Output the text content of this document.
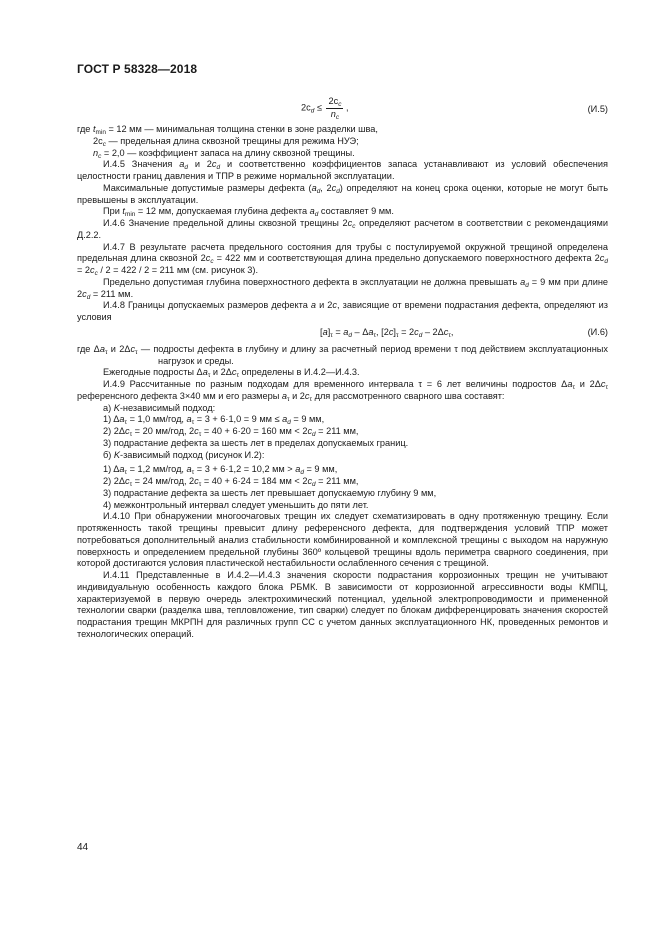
ГОСТ Р 58328—2018
$2c_d \le \frac{2c_c}{n_c}$ ,	(И.5)

где $t_{min} = 12$ мм — минимальная толщина стенки в зоне разделки шва,

$2c_c$ — предельная длина сквозной трещины для режима НУЭ;

$n_c = 2,0$ — коэффициент запаса на длину сквозной трещины.

И.4.5 Значения $a_d$ и $2c_d$ и соответственно коэффициентов запаса устанавливают из условий обеспечения целостности границ давления и ТПР в режиме нормальной эксплуатации.

Максимальные допустимые размеры дефекта ($a_d$, $2c_d$) определяют на конец срока оценки, которые не могут быть превышены в эксплуатации.

При $t_{min} = 12$ мм, допускаемая глубина дефекта $a_d$ составляет 9 мм.

И.4.6 Значение предельной длины сквозной трещины $2c_c$ определяют расчетом в соответствии с рекомендациями Д.2.2.

И.4.7 В результате расчета предельного состояния для трубы с постулируемой окружной трещиной определена предельная длина сквозной $2c_c = 422$ мм и соответствующая длина предельно допускаемого поверхностного дефекта $2c_d = 2c_c / 2 = 422 / 2 = 211$ мм (см. рисунок 3).

Предельно допустимая глубина поверхностного дефекта в эксплуатации не должна превышать $a_d = 9$ мм при длине $2c_d = 211$ мм.

И.4.8 Границы допускаемых размеров дефекта a и 2c, зависящие от времени подрастания дефекта, определяют из условия

$[a]_\tau = a_d - \Delta a_\tau$, $[2c]_\tau = 2c_d - 2\Delta c_\tau$,	(И.6)

где $\Delta a_\tau$ и $2\Delta c_\tau$ — подросты дефекта в глубину и длину за расчетный период времени τ под действием эксплуатационных нагрузок и среды.

Ежегодные подросты $\Delta a_\tau$ и $2\Delta c_\tau$ определены в И.4.2—И.4.3.

И.4.9 Рассчитанные по разным подходам для временного интервала τ = 6 лет величины подростов $\Delta a_\tau$ и $2\Delta c_\tau$ референсного дефекта 3×40 мм и его размеры $a_\tau$ и $2c_\tau$ для рассмотренного сварного шва составят:

а) K-независимый подход:

1) $\Delta a_\tau = 1,0$ мм/год, $a_\tau = 3 + 6\cdot 1,0 = 9$ мм ≤ $a_d = 9$ мм,

2) $2\Delta c_\tau = 20$ мм/год, $2c_\tau = 40 + 6\cdot 20 = 160$ мм < $2c_d = 211$ мм,

3) подрастание дефекта за шесть лет в пределах допускаемых границ.

б) K-зависимый подход (рисунок И.2):

1) $\Delta a_\tau = 1,2$ мм/год, $a_\tau = 3 + 6\cdot 1,2 = 10,2$ мм > $a_d = 9$ мм,

2) $2\Delta c_\tau = 24$ мм/год, $2c_\tau = 40 + 6\cdot 24 = 184$ мм < $2c_d = 211$ мм,

3) подрастание дефекта за шесть лет превышает допускаемую глубину 9 мм,

4) межконтрольный интервал следует уменьшить до пяти лет.

И.4.10 При обнаружении многоочаговых трещин их следует схематизировать в одну протяженную трещину. Если протяженность такой трещины превысит длину референсного дефекта, для подтверждения условий ТПР может потребоваться дополнительный анализ стабильности комбинированной и комплексной трещины с выходом на наружную поверхность и определением предельной глубины 360º кольцевой трещины вдоль периметра сварного соединения, при которой достигаются условия пластической нестабильности ослабленного сечения с трещиной.

И.4.11 Представленные в И.4.2—И.4.3 значения скорости подрастания коррозионных трещин не учитывают индивидуальную особенность каждого блока РБМК. В зависимости от коррозионной агрессивности воды КМПЦ, характеризуемой в первую очередь электрохимический потенциал, удельной электропроводимости и примененной технологии сварки (разделка шва, тепловложение, тип сварки) следует по блокам дифференцировать значения скоростей подрастания трещин МКРПН для различных групп СС с учетом данных эксплуатационного НК, проведенных ремонтов и технологических операций.

44
